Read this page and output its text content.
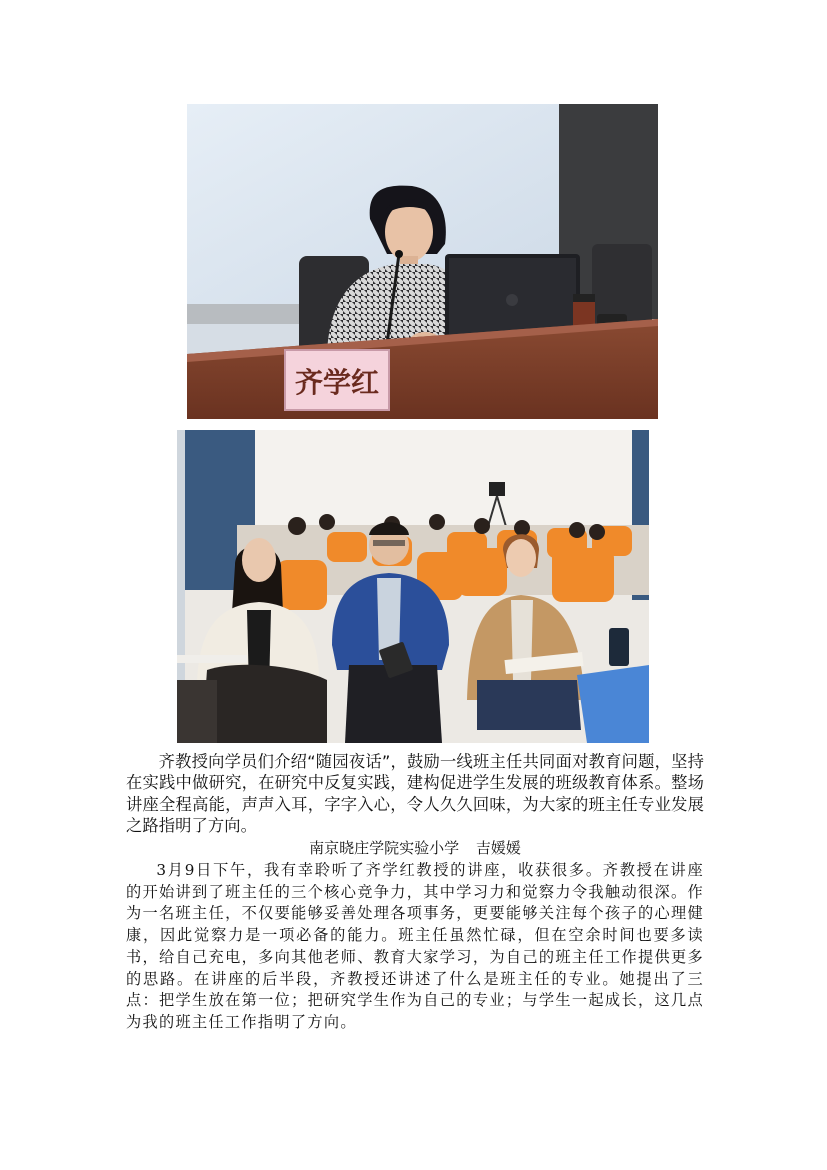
齐学红

齐教授向学员们介绍“随园夜话”，鼓励一线班主任共同面对教育问题，坚持在实践中做研究，在研究中反复实践，建构促进学生发展的班级教育体系。整场讲座全程高能，声声入耳，字字入心，令人久久回味，为大家的班主任专业发展之路指明了方向。

南京晓庄学院实验小学 吉媛媛

3月9日下午，我有幸聆听了齐学红教授的讲座，收获很多。齐教授在讲座的开始讲到了班主任的三个核心竞争力，其中学习力和觉察力令我触动很深。作为一名班主任，不仅要能够妥善处理各项事务，更要能够关注每个孩子的心理健康，因此觉察力是一项必备的能力。班主任虽然忙碌，但在空余时间也要多读书，给自己充电，多向其他老师、教育大家学习，为自己的班主任工作提供更多的思路。在讲座的后半段，齐教授还讲述了什么是班主任的专业。她提出了三点：把学生放在第一位；把研究学生作为自己的专业；与学生一起成长，这几点为我的班主任工作指明了方向。
